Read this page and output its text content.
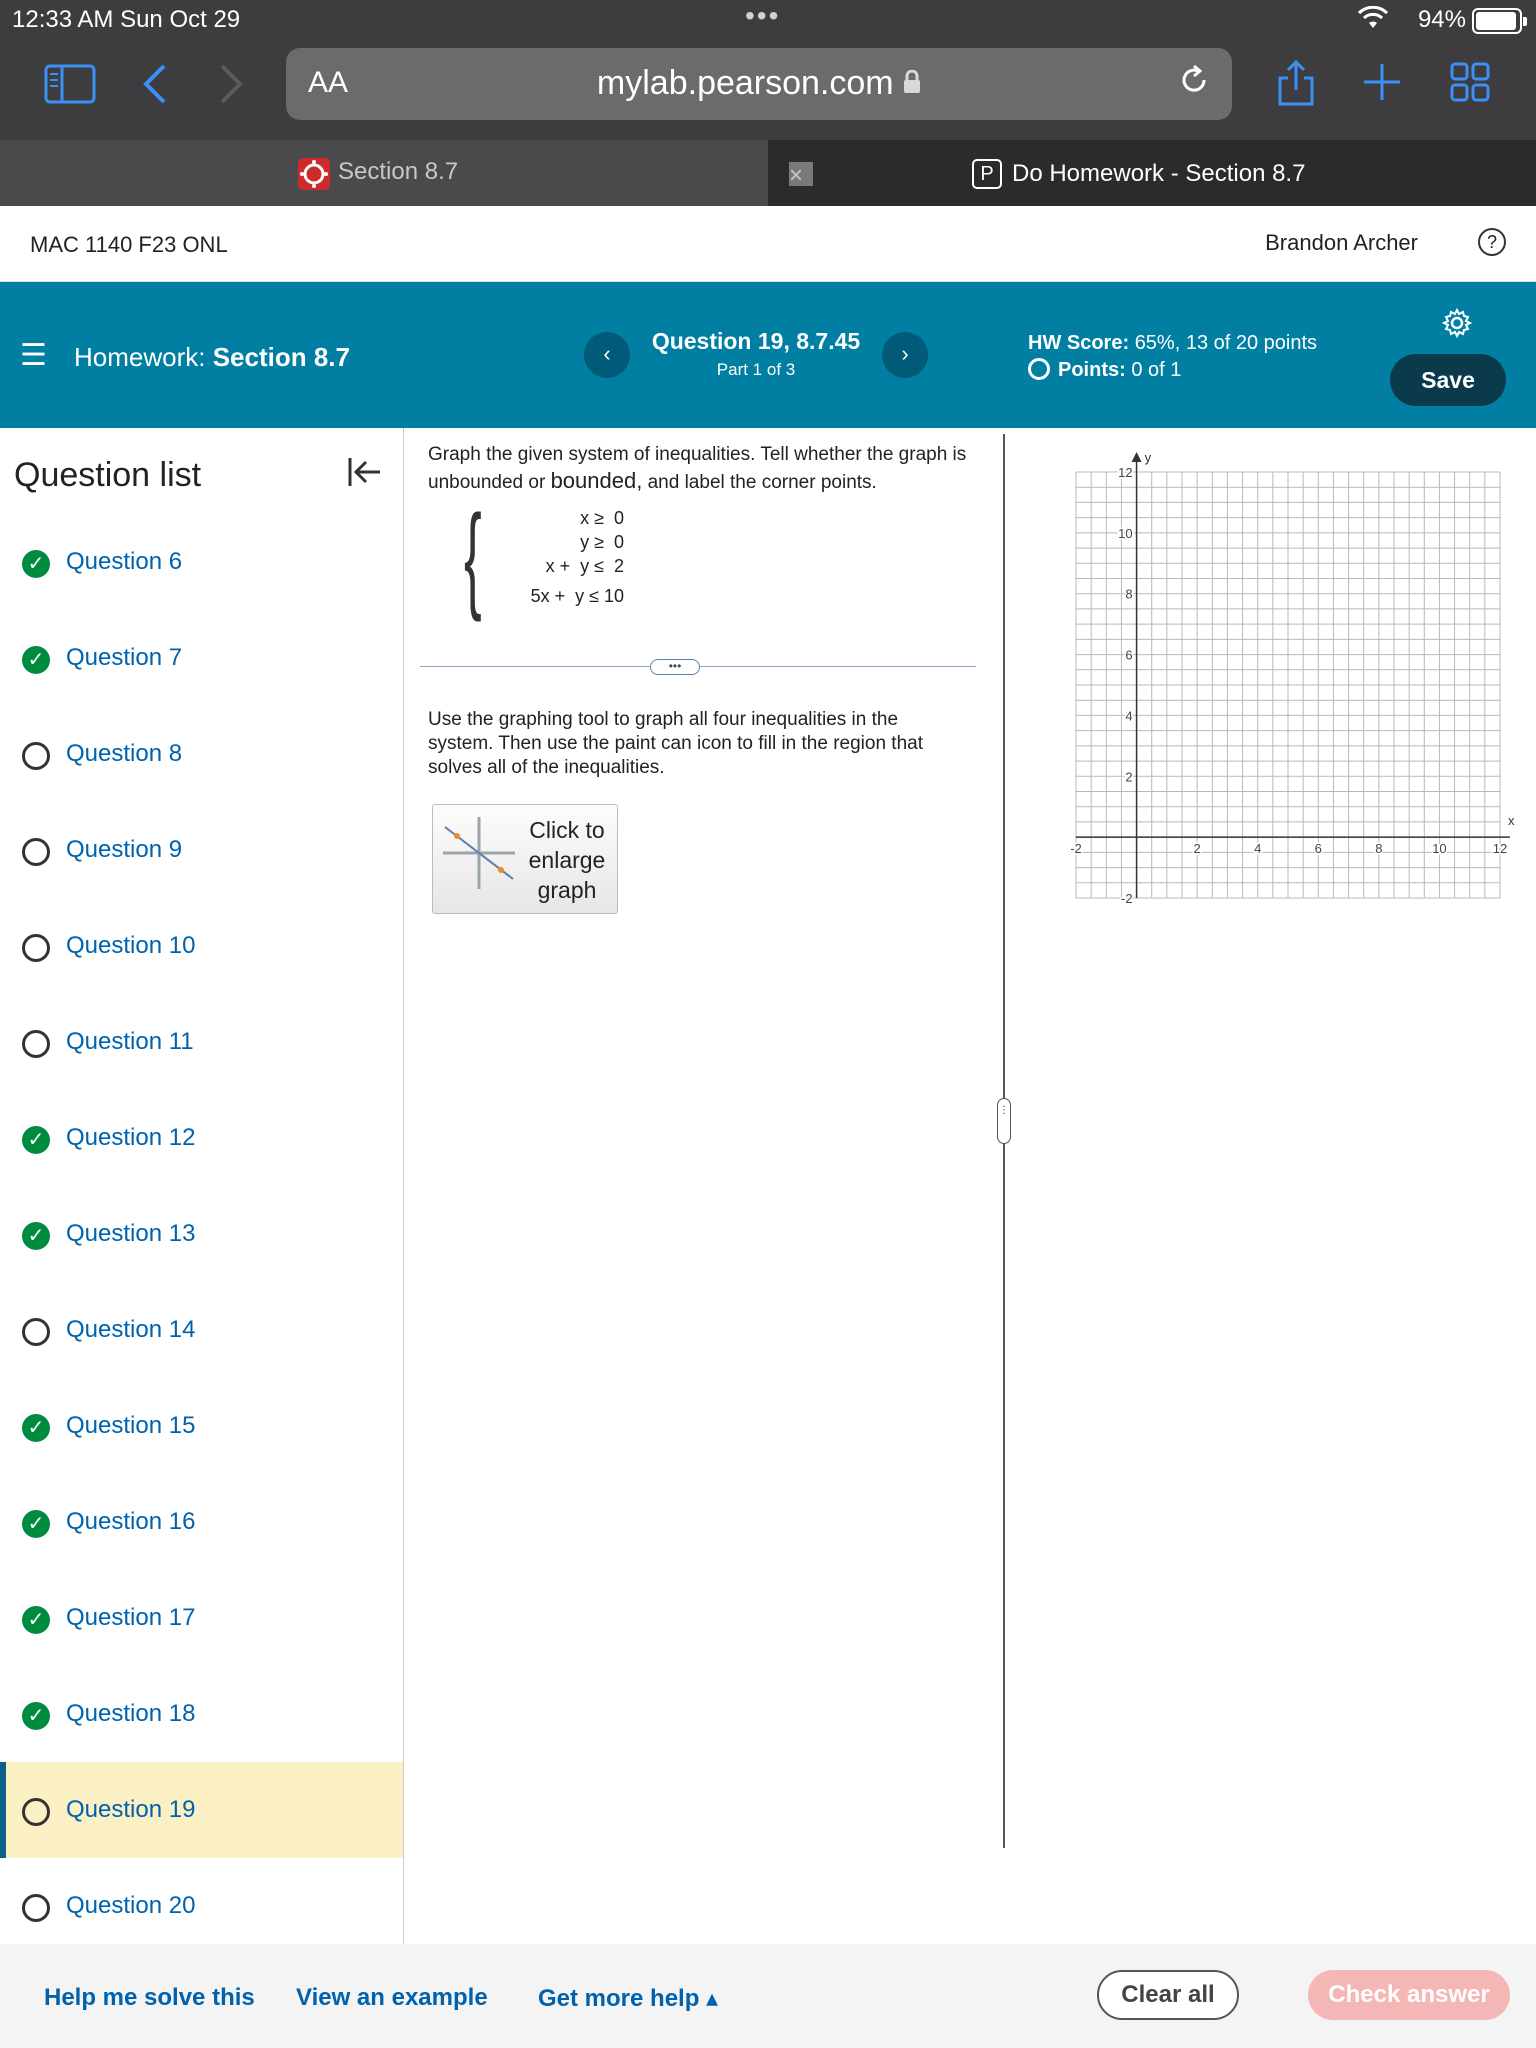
12:33 AM Sun Oct 29	•••	94%
AA	mylab.pearson.com
Section 8.7	×	P Do Homework - Section 8.7
MAC 1140 F23 ONL	Brandon Archer	?
☰ Homework: Section 8.7	‹	Question 19, 8.7.45
Part 1 of 3
›	HW Score: 65%, 13 of 20 points
Points: 0 of 1	Save
Question list
✓ Question 6
✓ Question 7
Question 8
Question 9
Question 10
Question 11
✓ Question 12
✓ Question 13
Question 14
✓ Question 15
✓ Question 16
✓ Question 17
✓ Question 18
Question 19
Question 20
Graph the given system of inequalities. Tell whether the graph is unbounded or bounded, and label the corner points.
{	x ≥  0
y ≥  0
x +  y ≤  2
5x +  y ≤ 10
•••
Use the graphing tool to graph all four inequalities in the system. Then use the paint can icon to fill in the region that solves all of the inequalities.
Click to enlarge graph
⋮
x
y
-2	2	4	6	8	10	12
12
10
8
6
4
2
-2
Help me solve this View an example Get more help ▴	Clear all	Check answer
